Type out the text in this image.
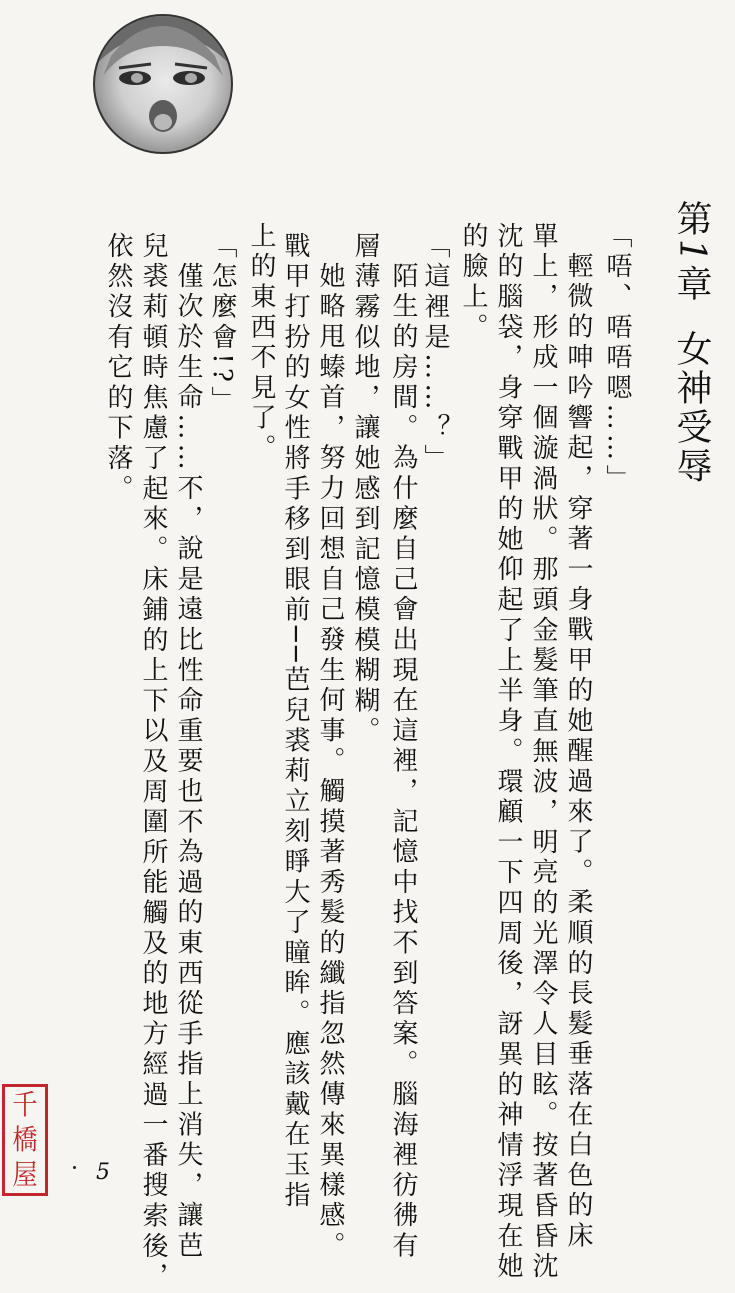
第1章女神受辱
「唔、唔唔嗯……」
輕微的呻吟響起，穿著一身戰甲的她醒過來了。柔順的長髮垂落在白色的床
單上，形成一個漩渦狀。那頭金髮筆直無波，明亮的光澤令人目眩。按著昏昏沈
沈的腦袋，身穿戰甲的她仰起了上半身。環顧一下四周後，訝異的神情浮現在她
的臉上。
「這裡是……？」
陌生的房間。為什麼自己會出現在這裡，記憶中找不到答案。腦海裡彷彿有
層薄霧似地，讓她感到記憶模模糊糊。
她略甩螓首，努力回想自己發生何事。觸摸著秀髮的纖指忽然傳來異樣感。
戰甲打扮的女性將手移到眼前──芭兒裘莉立刻睜大了瞳眸。應該戴在玉指
上的東西不見了。
「怎麼會!?」
僅次於生命……不，說是遠比性命重要也不為過的東西從手指上消失，讓芭
兒裘莉頓時焦慮了起來。床鋪的上下以及周圍所能觸及的地方經過一番搜索後，
依然沒有它的下落。
5
千
橋
屋
